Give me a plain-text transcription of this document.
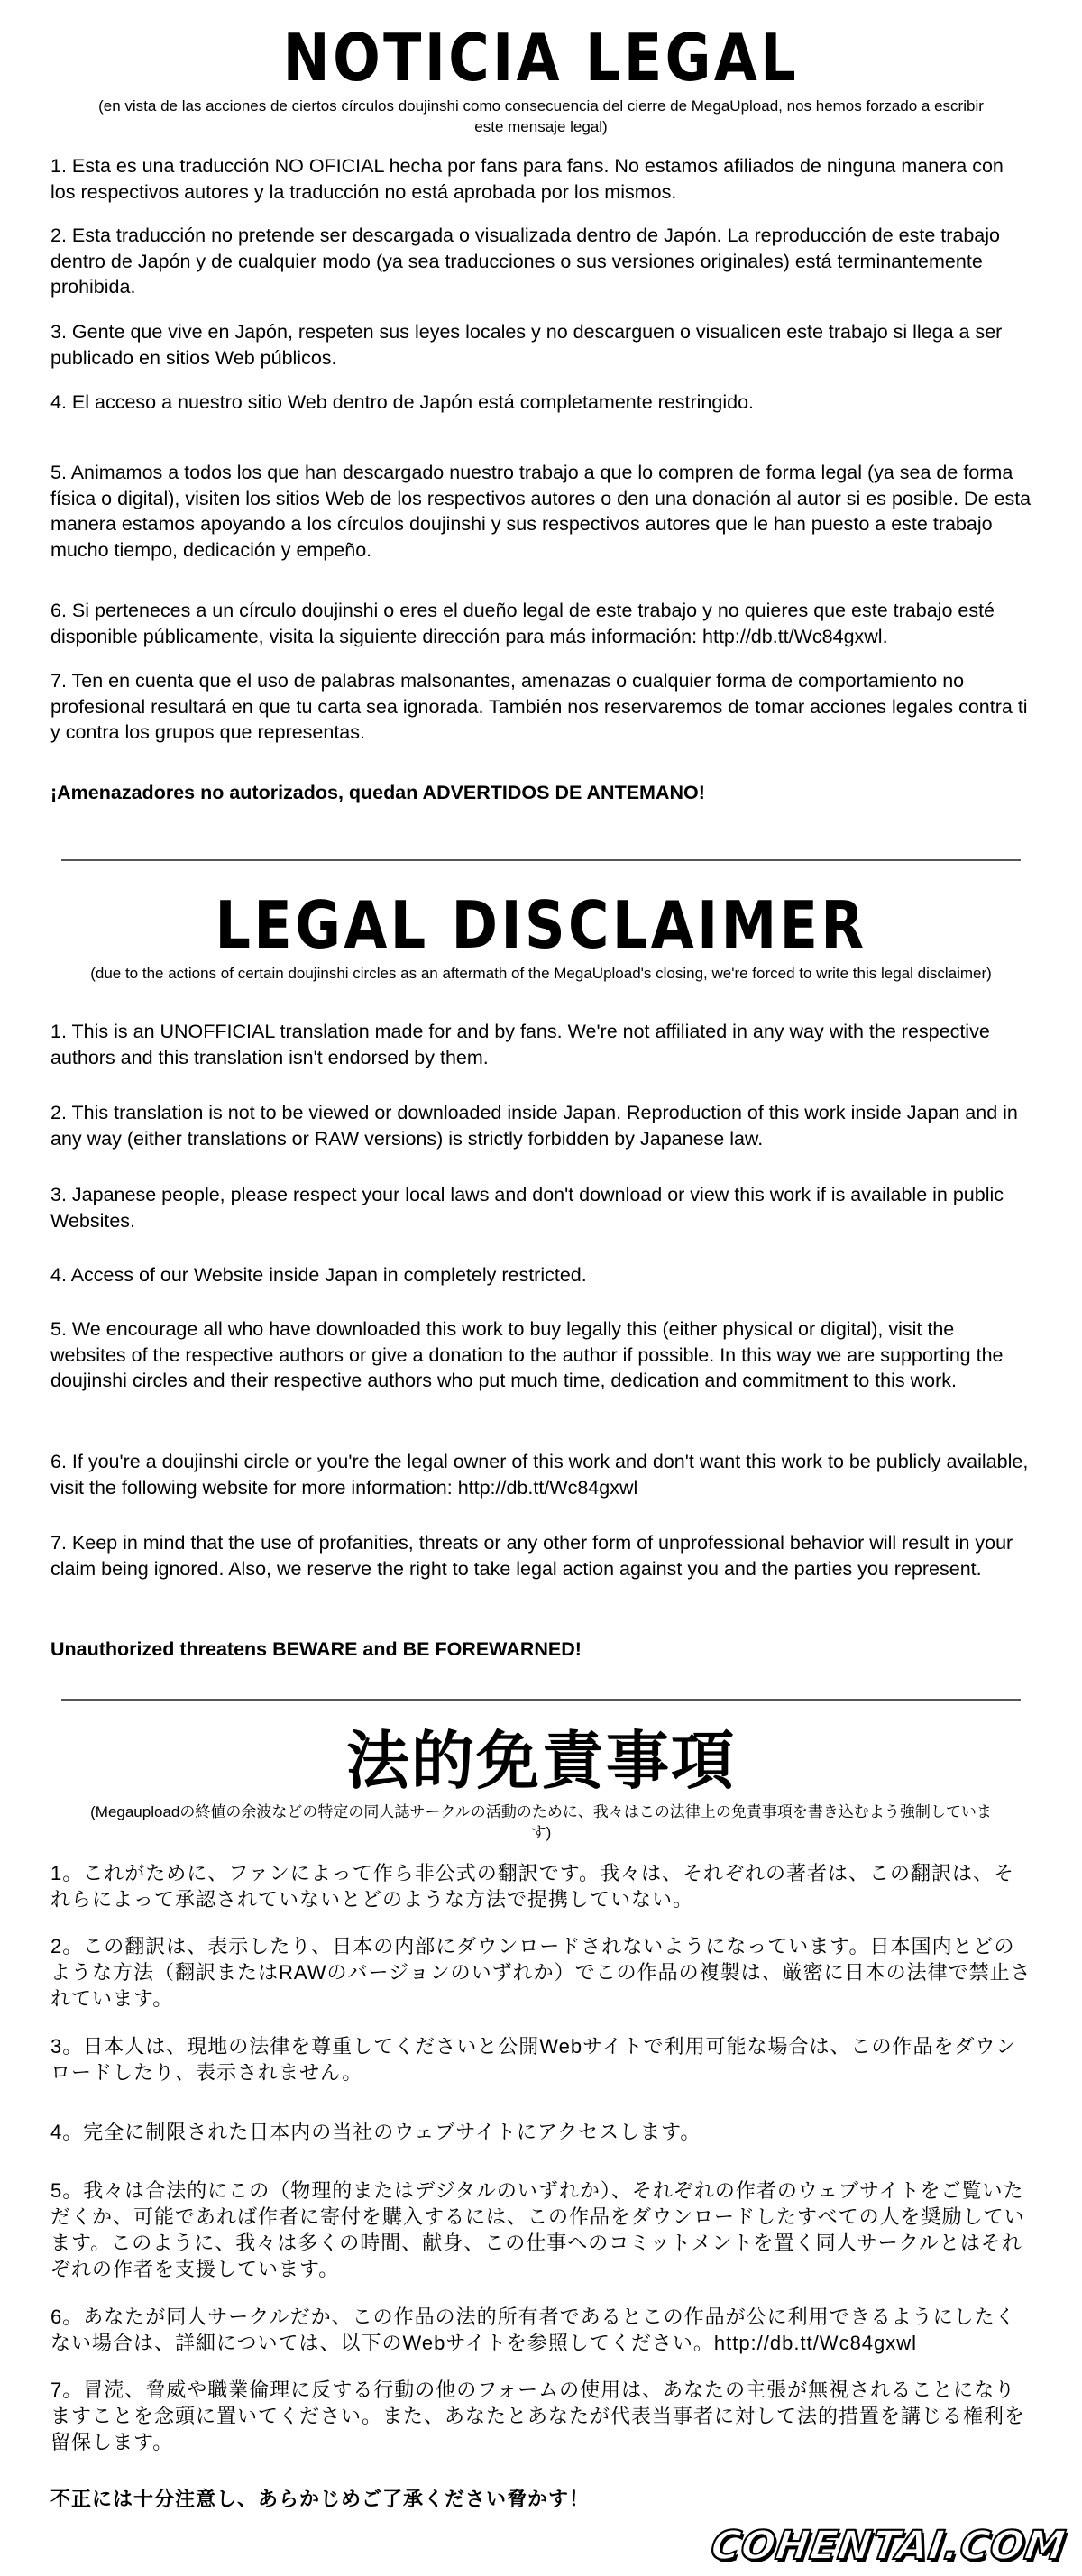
NOTICIA LEGAL
(en vista de las acciones de ciertos círculos doujinshi como consecuencia del cierre de MegaUpload, nos hemos forzado a escribir este mensaje legal)

1. Esta es una traducción NO OFICIAL hecha por fans para fans. No estamos afiliados de ninguna manera con los respectivos autores y la traducción no está aprobada por los mismos.

2. Esta traducción no pretende ser descargada o visualizada dentro de Japón. La reproducción de este trabajo dentro de Japón y de cualquier modo (ya sea traducciones o sus versiones originales) está terminantemente prohibida.

3. Gente que vive en Japón, respeten sus leyes locales y no descarguen o visualicen este trabajo si llega a ser publicado en sitios Web públicos.

4. El acceso a nuestro sitio Web dentro de Japón está completamente restringido.

5. Animamos a todos los que han descargado nuestro trabajo a que lo compren de forma legal (ya sea de forma física o digital), visiten los sitios Web de los respectivos autores o den una donación al autor si es posible. De esta manera estamos apoyando a los círculos doujinshi y sus respectivos autores que le han puesto a este trabajo mucho tiempo, dedicación y empeño.

6. Si perteneces a un círculo doujinshi o eres el dueño legal de este trabajo y no quieres que este trabajo esté disponible públicamente, visita la siguiente dirección para más información: http://db.tt/Wc84gxwl.

7. Ten en cuenta que el uso de palabras malsonantes, amenazas o cualquier forma de comportamiento no profesional resultará en que tu carta sea ignorada. También nos reservaremos de tomar acciones legales contra ti y contra los grupos que representas.

¡Amenazadores no autorizados, quedan ADVERTIDOS DE ANTEMANO!

LEGAL DISCLAIMER
(due to the actions of certain doujinshi circles as an aftermath of the MegaUpload's closing, we're forced to write this legal disclaimer)

1. This is an UNOFFICIAL translation made for and by fans. We're not affiliated in any way with the respective authors and this translation isn't endorsed by them.

2. This translation is not to be viewed or downloaded inside Japan. Reproduction of this work inside Japan and in any way (either translations or RAW versions) is strictly forbidden by Japanese law.

3. Japanese people, please respect your local laws and don't download or view this work if is available in public Websites.

4. Access of our Website inside Japan in completely restricted.

5. We encourage all who have downloaded this work to buy legally this (either physical or digital), visit the websites of the respective authors or give a donation to the author if possible. In this way we are supporting the doujinshi circles and their respective authors who put much time, dedication and commitment to this work.

6. If you're a doujinshi circle or you're the legal owner of this work and don't want this work to be publicly available, visit the following website for more information: http://db.tt/Wc84gxwl

7. Keep in mind that the use of profanities, threats or any other form of unprofessional behavior will result in your claim being ignored. Also, we reserve the right to take legal action against you and the parties you represent.

Unauthorized threatens BEWARE and BE FOREWARNED!

法的免責事項
(Megauploadの終値の余波などの特定の同人誌サークルの活動のために、我々はこの法律上の免責事項を書き込むよう強制しています)

1。これがために、ファンによって作ら非公式の翻訳です。我々は、それぞれの著者は、この翻訳は、それらによって承認されていないとどのような方法で提携していない。

2。この翻訳は、表示したり、日本の内部にダウンロードされないようになっています。日本国内とどのような方法（翻訳またはRAWのバージョンのいずれか）でこの作品の複製は、厳密に日本の法律で禁止されています。

3。日本人は、現地の法律を尊重してくださいと公開Webサイトで利用可能な場合は、この作品をダウンロードしたり、表示されません。

4。完全に制限された日本内の当社のウェブサイトにアクセスします。

5。我々は合法的にこの（物理的またはデジタルのいずれか）、それぞれの作者のウェブサイトをご覧いただくか、可能であれば作者に寄付を購入するには、この作品をダウンロードしたすべての人を奨励しています。このように、我々は多くの時間、献身、この仕事へのコミットメントを置く同人サークルとはそれぞれの作者を支援しています。

6。あなたが同人サークルだか、この作品の法的所有者であるとこの作品が公に利用できるようにしたくない場合は、詳細については、以下のWebサイトを参照してください。http://db.tt/Wc84gxwl

7。冒涜、脅威や職業倫理に反する行動の他のフォームの使用は、あなたの主張が無視されることになりますことを念頭に置いてください。また、あなたとあなたが代表当事者に対して法的措置を講じる権利を留保します。

不正には十分注意し、あらかじめご了承ください脅かす！

COHENTAI.COM
